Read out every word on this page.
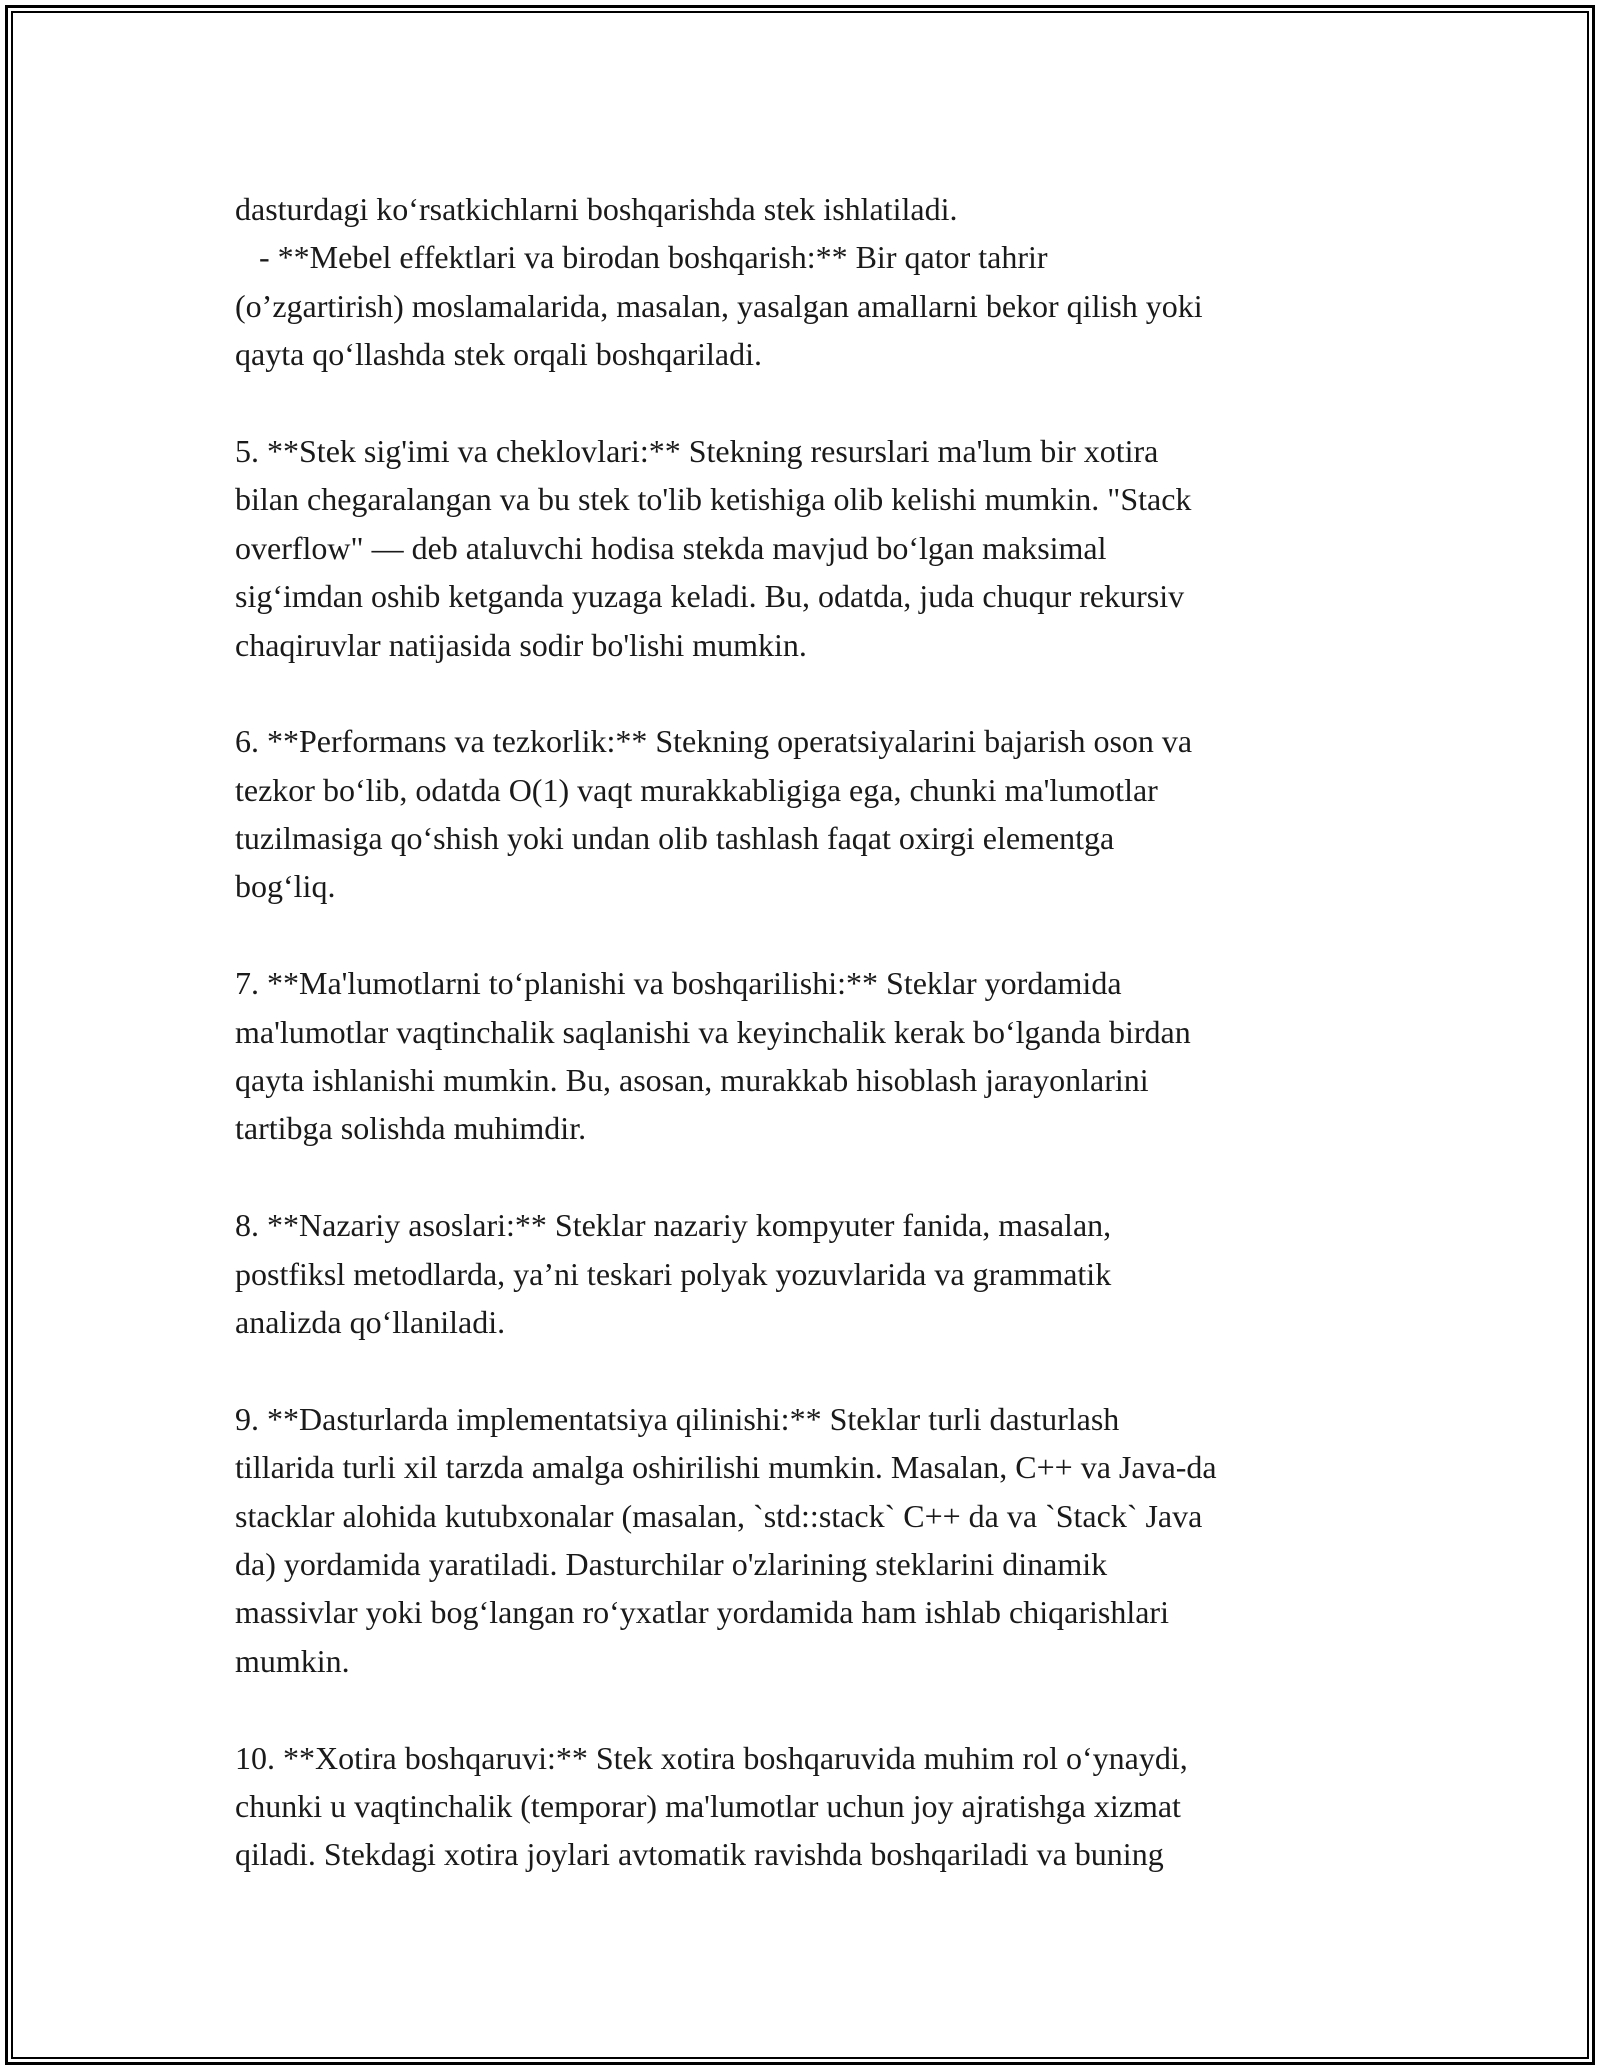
dasturdagi koʻrsatkichlarni boshqarishda stek ishlatiladi.
- **Mebel effektlari va birodan boshqarish:** Bir qator tahrir
(o’zgartirish) moslamalarida, masalan, yasalgan amallarni bekor qilish yoki
qayta qoʻllashda stek orqali boshqariladi.
5. **Stek sig'imi va cheklovlari:** Stekning resurslari ma'lum bir xotira
bilan chegaralangan va bu stek to'lib ketishiga olib kelishi mumkin. "Stack
overflow" — deb ataluvchi hodisa stekda mavjud boʻlgan maksimal
sigʻimdan oshib ketganda yuzaga keladi. Bu, odatda, juda chuqur rekursiv
chaqiruvlar natijasida sodir bo'lishi mumkin.
6. **Performans va tezkorlik:** Stekning operatsiyalarini bajarish oson va
tezkor boʻlib, odatda O(1) vaqt murakkabligiga ega, chunki ma'lumotlar
tuzilmasiga qoʻshish yoki undan olib tashlash faqat oxirgi elementga
bogʻliq.
7. **Ma'lumotlarni toʻplanishi va boshqarilishi:** Steklar yordamida
ma'lumotlar vaqtinchalik saqlanishi va keyinchalik kerak boʻlganda birdan
qayta ishlanishi mumkin. Bu, asosan, murakkab hisoblash jarayonlarini
tartibga solishda muhimdir.
8. **Nazariy asoslari:** Steklar nazariy kompyuter fanida, masalan,
postfiksl metodlarda, ya’ni teskari polyak yozuvlarida va grammatik
analizda qoʻllaniladi.
9. **Dasturlarda implementatsiya qilinishi:** Steklar turli dasturlash
tillarida turli xil tarzda amalga oshirilishi mumkin. Masalan, C++ va Java-da
stacklar alohida kutubxonalar (masalan, `std::stack` C++ da va `Stack` Java
da) yordamida yaratiladi. Dasturchilar o'zlarining steklarini dinamik
massivlar yoki bogʻlangan roʻyxatlar yordamida ham ishlab chiqarishlari
mumkin.
10. **Xotira boshqaruvi:** Stek xotira boshqaruvida muhim rol oʻynaydi,
chunki u vaqtinchalik (temporar) ma'lumotlar uchun joy ajratishga xizmat
qiladi. Stekdagi xotira joylari avtomatik ravishda boshqariladi va buning
